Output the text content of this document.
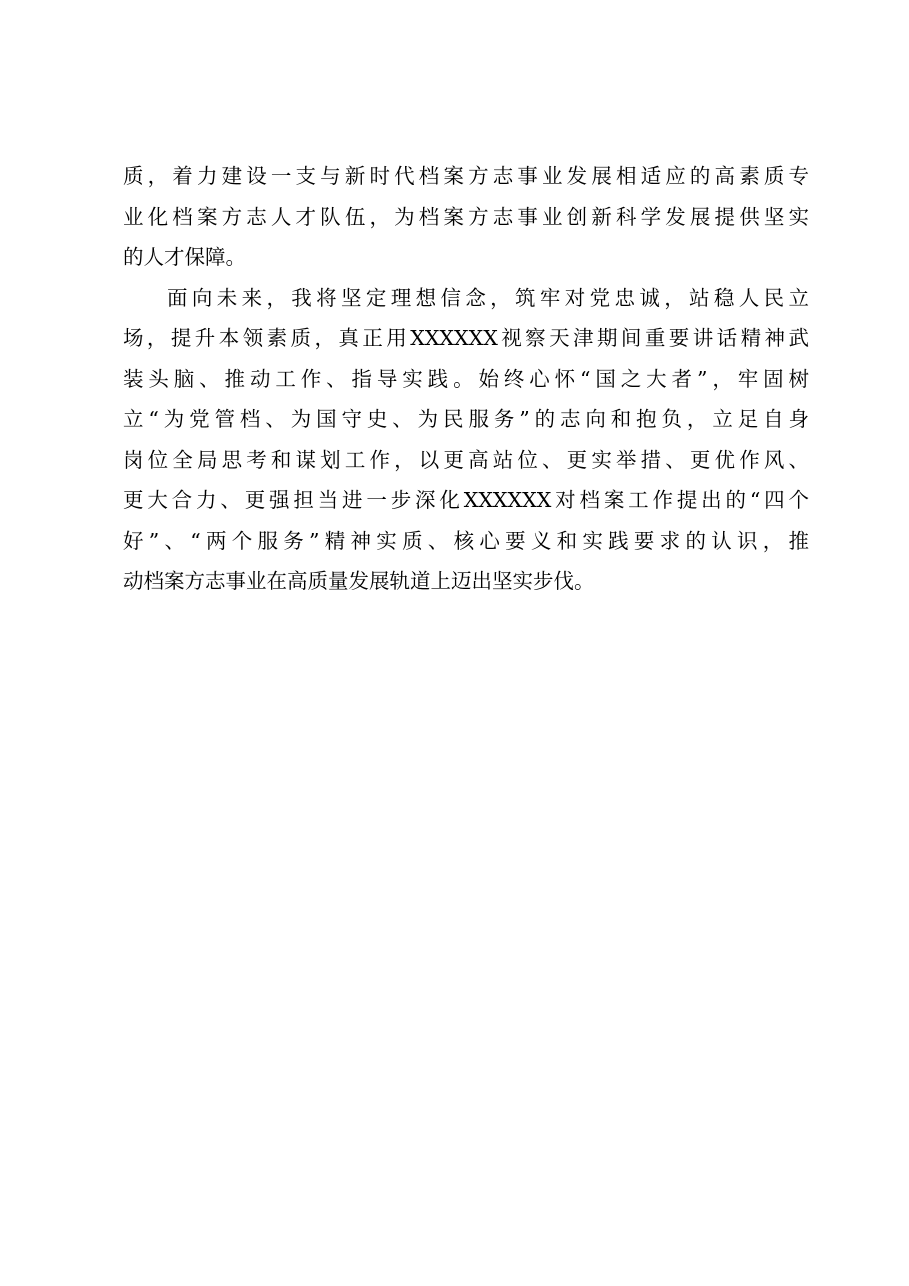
质，着力建设一支与新时代档案方志事业发展相适应的高素质专
业化档案方志人才队伍，为档案方志事业创新科学发展提供坚实
的人才保障。
面向未来，我将坚定理想信念，筑牢对党忠诚，站稳人民立
场，提升本领素质，真正用XXXXXX视察天津期间重要讲话精神武
装头脑、推动工作、指导实践。始终心怀“国之大者”，牢固树
立“为党管档、为国守史、为民服务”的志向和抱负，立足自身
岗位全局思考和谋划工作，以更高站位、更实举措、更优作风、
更大合力、更强担当进一步深化XXXXXX对档案工作提出的“四个
好”、“两个服务”精神实质、核心要义和实践要求的认识，推
动档案方志事业在高质量发展轨道上迈出坚实步伐。
